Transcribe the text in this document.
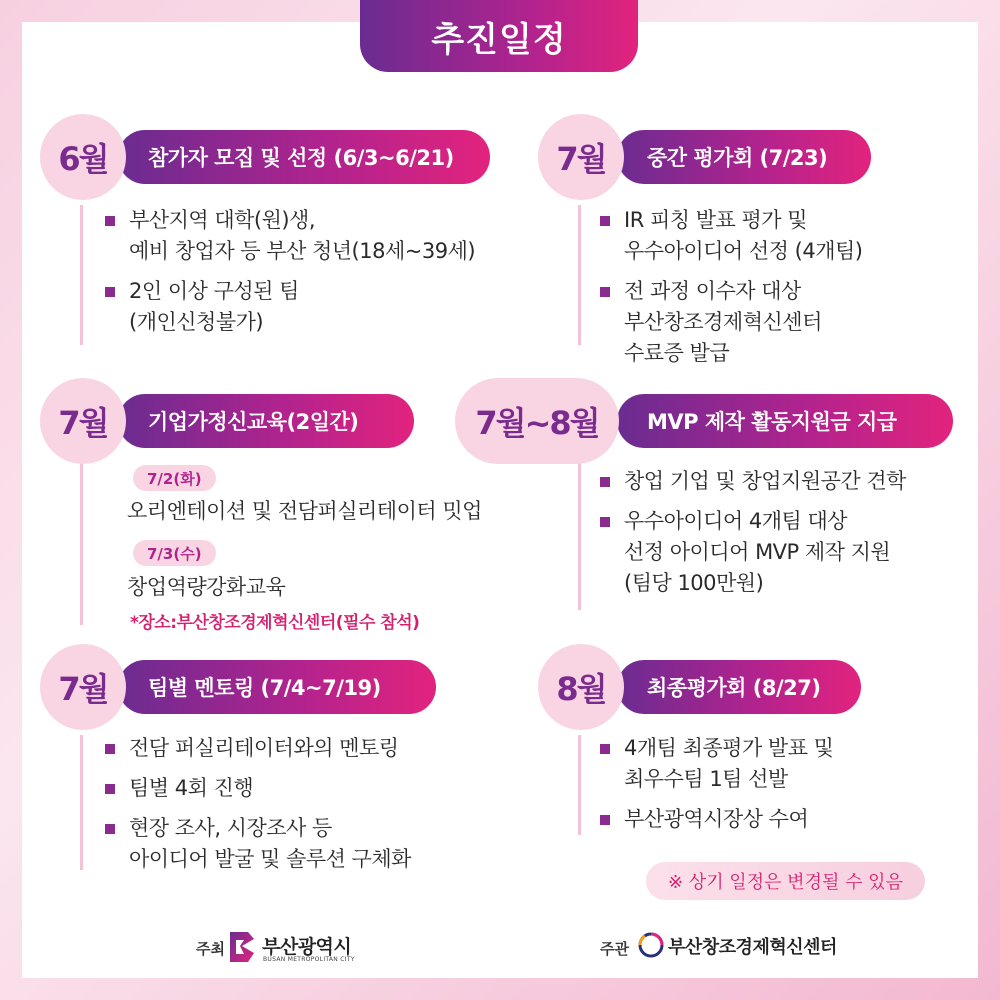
추진일정
참가자 모집 및 선정 (6/3~6/21)
6월
부산지역 대학(원)생,
예비 창업자 등 부산 청년(18세~39세)
2인 이상 구성된 팀
(개인신청불가)
중간 평가회 (7/23)
7월
IR 피칭 발표 평가 및
우수아이디어 선정 (4개팀)
전 과정 이수자 대상
부산창조경제혁신센터
수료증 발급
기업가정신교육(2일간)
7월
7/2(화)
오리엔테이션 및 전담퍼실리테이터 밋업
7/3(수)
창업역량강화교육
*장소:부산창조경제혁신센터(필수 참석)
MVP 제작 활동지원금 지급
7월~8월
창업 기업 및 창업지원공간 견학
우수아이디어 4개팀 대상
선정 아이디어 MVP 제작 지원
(팀당 100만원)
팀별 멘토링 (7/4~7/19)
7월
전담 퍼실리테이터와의 멘토링
팀별 4회 진행
현장 조사, 시장조사 등
아이디어 발굴 및 솔루션 구체화
최종평가회 (8/27)
8월
4개팀 최종평가 발표 및
최우수팀 1팀 선발
부산광역시장상 수여
※ 상기 일정은 변경될 수 있음
주최 부산광역시
BUSAN METROPOLITAN CITY
주관 부산창조경제혁신센터
